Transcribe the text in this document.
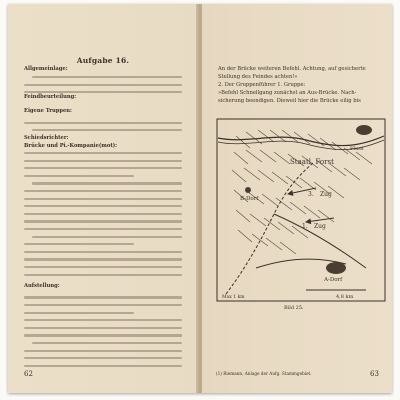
Aufgabe 16.
Allgemeinlage:
Feindbeurteilung:
Eigene Truppen:
Schiedsrichter:
Brücke und Pi.-Kompanie(mot):
Aufstellung:
62
An der Brücke weiteren Befehl. Achtung, auf gesicherte
Stellung des Feindes achten!«
2. Der Gruppenführer 1. Gruppe:
»Befehl Schnellgang zunächst an Aus-Brücke. Nach-
sicherung beendigen. Dieweil hier die Brücke eilig bis
Staatl. Forst
Fluss
A-Dorf
B-Dorf
Zug
Zug
3.
1.
4,8 km
Max 1 km
Bild 25.
(1) Riemann, Anlage der Aufg. Stammgebiet.	63
